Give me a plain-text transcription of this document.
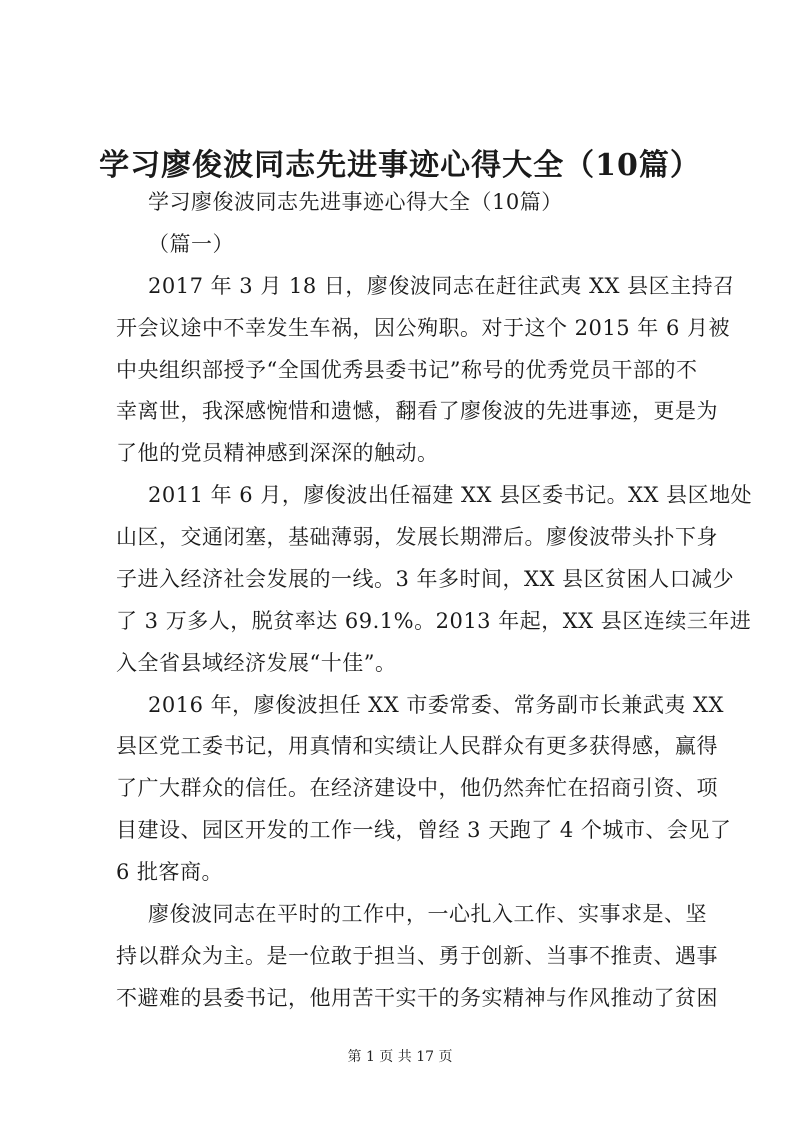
学习廖俊波同志先进事迹心得大全（10篇）
学习廖俊波同志先进事迹心得大全（10篇）
（篇一）
2017 年 3 月 18 日，廖俊波同志在赶往武夷 XX 县区主持召
开会议途中不幸发生车祸，因公殉职。对于这个 2015 年 6 月被
中央组织部授予“全国优秀县委书记”称号的优秀党员干部的不
幸离世，我深感惋惜和遗憾，翻看了廖俊波的先进事迹，更是为
了他的党员精神感到深深的触动。
2011 年 6 月，廖俊波出任福建 XX 县区委书记。XX 县区地处
山区，交通闭塞，基础薄弱，发展长期滞后。廖俊波带头扑下身
子进入经济社会发展的一线。3 年多时间，XX 县区贫困人口减少
了 3 万多人，脱贫率达 69.1%。2013 年起，XX 县区连续三年进
入全省县域经济发展“十佳”。
2016 年，廖俊波担任 XX 市委常委、常务副市长兼武夷 XX
县区党工委书记，用真情和实绩让人民群众有更多获得感，赢得
了广大群众的信任。在经济建设中，他仍然奔忙在招商引资、项
目建设、园区开发的工作一线，曾经 3 天跑了 4 个城市、会见了
6 批客商。
廖俊波同志在平时的工作中，一心扎入工作、实事求是、坚
持以群众为主。是一位敢于担当、勇于创新、当事不推责、遇事
不避难的县委书记，他用苦干实干的务实精神与作风推动了贫困
第 1 页 共 17 页
